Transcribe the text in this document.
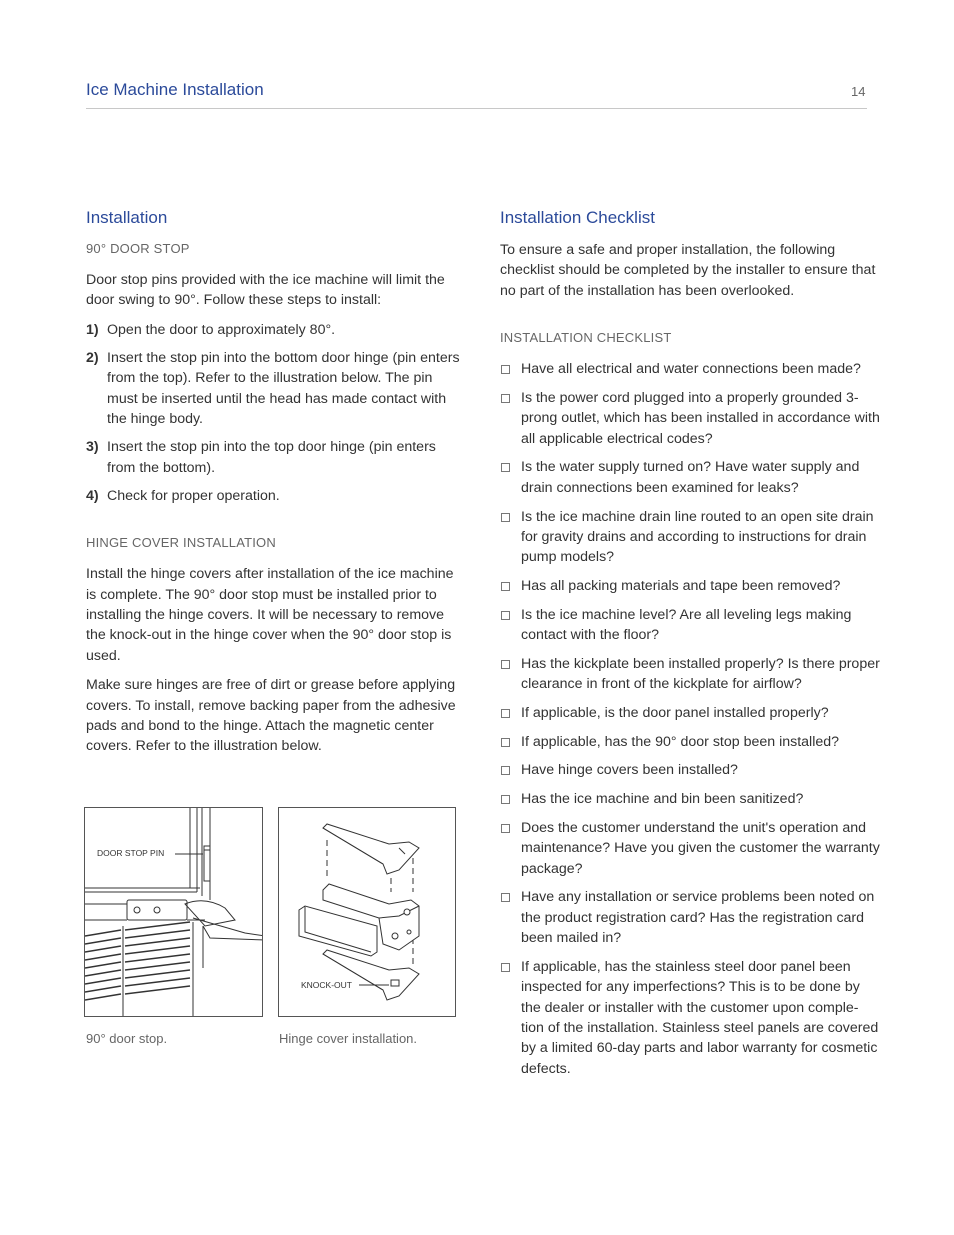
Ice Machine Installation	14
Installation
90° DOOR STOP

Door stop pins provided with the ice machine will limit the door swing to 90°. Follow these steps to install:

1) Open the door to approximately 80°.
2) Insert the stop pin into the bottom door hinge (pin enters from the top). Refer to the illustration below. The pin must be inserted until the head has made contact with the hinge body.
3) Insert the stop pin into the top door hinge (pin enters from the bottom).
4) Check for proper operation.
HINGE COVER INSTALLATION

Install the hinge covers after installation of the ice machine is complete. The 90° door stop must be installed prior to installing the hinge covers. It will be necessary to remove the knock-out in the hinge cover when the 90° door stop is used.

Make sure hinges are free of dirt or grease before applying covers. To install, remove backing paper from the adhesive pads and bond to the hinge. Attach the magnetic center covers. Refer to the illustration below.

DOOR STOP PIN
KNOCK-OUT
90° door stop.	Hinge cover installation.
Installation Checklist

To ensure a safe and proper installation, the following checklist should be completed by the installer to ensure that no part of the installation has been overlooked.

INSTALLATION CHECKLIST
Have all electrical and water connections been made?
Is the power cord plugged into a properly grounded 3-prong outlet, which has been installed in accordance with all applicable electrical codes?
Is the water supply turned on? Have water supply and drain connections been examined for leaks?
Is the ice machine drain line routed to an open site drain for gravity drains and according to instructions for drain pump models?
Has all packing materials and tape been removed?
Is the ice machine level? Are all leveling legs making contact with the floor?
Has the kickplate been installed properly? Is there proper clearance in front of the kickplate for airflow?
If applicable, is the door panel installed properly?
If applicable, has the 90° door stop been installed?
Have hinge covers been installed?
Has the ice machine and bin been sanitized?
Does the customer understand the unit's operation and maintenance? Have you given the customer the warranty package?
Have any installation or service problems been noted on the product registration card? Has the registration card been mailed in?
If applicable, has the stainless steel door panel been inspected for any imperfections? This is to be done by the dealer or installer with the customer upon comple-tion of the installation. Stainless steel panels are covered by a limited 60-day parts and labor warranty for cosmetic defects.
